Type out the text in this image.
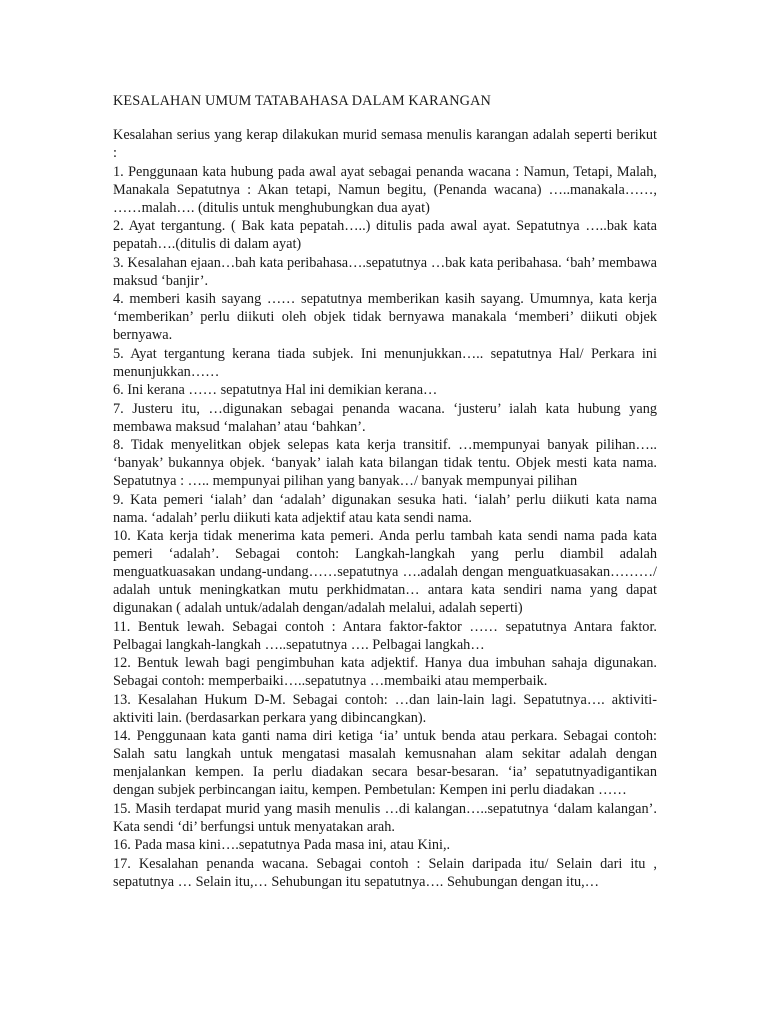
KESALAHAN UMUM TATABAHASA DALAM KARANGAN

Kesalahan serius yang kerap dilakukan murid semasa menulis karangan adalah seperti berikut :

1. Penggunaan kata hubung pada awal ayat sebagai penanda wacana : Namun, Tetapi, Malah, Manakala Sepatutnya : Akan tetapi, Namun begitu, (Penanda wacana) …..manakala……, ……malah…. (ditulis untuk menghubungkan dua ayat)

2. Ayat tergantung. ( Bak kata pepatah…..) ditulis pada awal ayat. Sepatutnya …..bak kata pepatah….(ditulis di dalam ayat)

3. Kesalahan ejaan…bah kata peribahasa….sepatutnya …bak kata peribahasa. ‘bah’ membawa maksud ‘banjir’.

4. memberi kasih sayang …… sepatutnya memberikan kasih sayang. Umumnya, kata kerja ‘memberikan’ perlu diikuti oleh objek tidak bernyawa manakala ‘memberi’ diikuti objek bernyawa.

5. Ayat tergantung kerana tiada subjek. Ini menunjukkan….. sepatutnya Hal/ Perkara ini menunjukkan……

6. Ini kerana …… sepatutnya Hal ini demikian kerana…

7. Justeru itu, …digunakan sebagai penanda wacana. ‘justeru’ ialah kata hubung yang membawa maksud ‘malahan’ atau ‘bahkan’.

8. Tidak menyelitkan objek selepas kata kerja transitif. …mempunyai banyak pilihan….. ‘banyak’ bukannya objek. ‘banyak’ ialah kata bilangan tidak tentu. Objek mesti kata nama. Sepatutnya : ….. mempunyai pilihan yang banyak…/ banyak mempunyai pilihan

9. Kata pemeri ‘ialah’ dan ‘adalah’ digunakan sesuka hati. ‘ialah’ perlu diikuti kata nama nama. ‘adalah’ perlu diikuti kata adjektif atau kata sendi nama.

10. Kata kerja tidak menerima kata pemeri. Anda perlu tambah kata sendi nama pada kata pemeri ‘adalah’. Sebagai contoh: Langkah-langkah yang perlu diambil adalah menguatkuasakan undang-undang……sepatutnya ….adalah dengan menguatkuasakan………/ adalah untuk meningkatkan mutu perkhidmatan… antara kata sendiri nama yang dapat digunakan ( adalah untuk/adalah dengan/adalah melalui, adalah seperti)

11. Bentuk lewah. Sebagai contoh : Antara faktor-faktor …… sepatutnya Antara faktor. Pelbagai langkah-langkah …..sepatutnya …. Pelbagai langkah…

12. Bentuk lewah bagi pengimbuhan kata adjektif. Hanya dua imbuhan sahaja digunakan. Sebagai contoh: memperbaiki…..sepatutnya …membaiki atau memperbaik.

13. Kesalahan Hukum D-M. Sebagai contoh: …dan lain-lain lagi. Sepatutnya…. aktiviti-aktiviti lain. (berdasarkan perkara yang dibincangkan).

14. Penggunaan kata ganti nama diri ketiga ‘ia’ untuk benda atau perkara. Sebagai contoh: Salah satu langkah untuk mengatasi masalah kemusnahan alam sekitar adalah dengan menjalankan kempen. Ia perlu diadakan secara besar-besaran. ‘ia’ sepatutnyadigantikan dengan subjek perbincangan iaitu, kempen. Pembetulan: Kempen ini perlu diadakan ……

15. Masih terdapat murid yang masih menulis …di kalangan…..sepatutnya ‘dalam kalangan’. Kata sendi ‘di’ berfungsi untuk menyatakan arah.

16. Pada masa kini….sepatutnya Pada masa ini, atau Kini,.

17. Kesalahan penanda wacana. Sebagai contoh : Selain daripada itu/ Selain dari itu , sepatutnya … Selain itu,… Sehubungan itu sepatutnya…. Sehubungan dengan itu,…
